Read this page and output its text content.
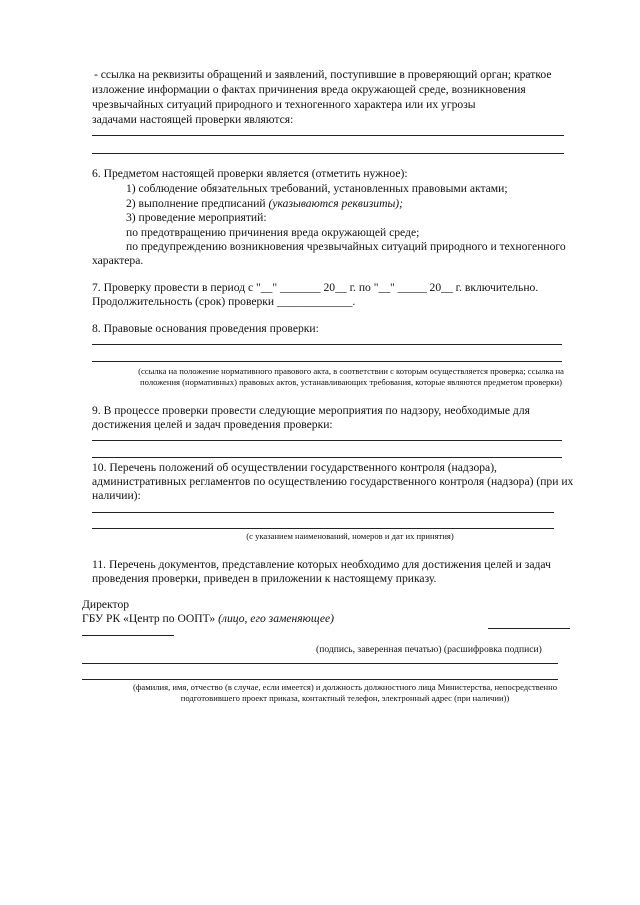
- ссылка на реквизиты обращений и заявлений, поступившие в проверяющий орган; краткое
изложение информации о фактах причинения вреда окружающей среде, возникновения
чрезвычайных ситуаций природного и техногенного характера или их угрозы
задачами настоящей проверки являются:
6. Предметом настоящей проверки является (отметить нужное):
1) соблюдение обязательных требований, установленных правовыми актами;
2) выполнение предписаний (указываются реквизиты);
3) проведение мероприятий:
по предотвращению причинения вреда окружающей среде;
по предупреждению возникновения чрезвычайных ситуаций природного и техногенного
характера.
7. Проверку провести в период с "__" _______ 20__ г. по "__" _____ 20__ г. включительно.
Продолжительность (срок) проверки _____________.
8. Правовые основания проведения проверки:
(ссылка на положение нормативного правового акта, в соответствии с которым осуществляется проверка; ссылка на
положения (нормативных) правовых актов, устанавливающих требования, которые являются предметом проверки)
9. В процессе проверки провести следующие мероприятия по надзору, необходимые для
достижения целей и задач проведения проверки:
10. Перечень положений об осуществлении государственного контроля (надзора),
административных регламентов по осуществлению государственного контроля (надзора) (при их
наличии):
(с указанием наименований, номеров и дат их принятия)
11. Перечень документов, представление которых необходимо для достижения целей и задач
проведения проверки, приведен в приложении к настоящему приказу.
Директор
ГБУ РК «Центр по ООПТ» (лицо, его заменяющее)
(подпись, заверенная печатью) (расшифровка подписи)
(фамилия, имя, отчество (в случае, если имеется) и должность должностного лица Министерства, непосредственно
подготовившего проект приказа, контактный телефон, электронный адрес (при наличии))
